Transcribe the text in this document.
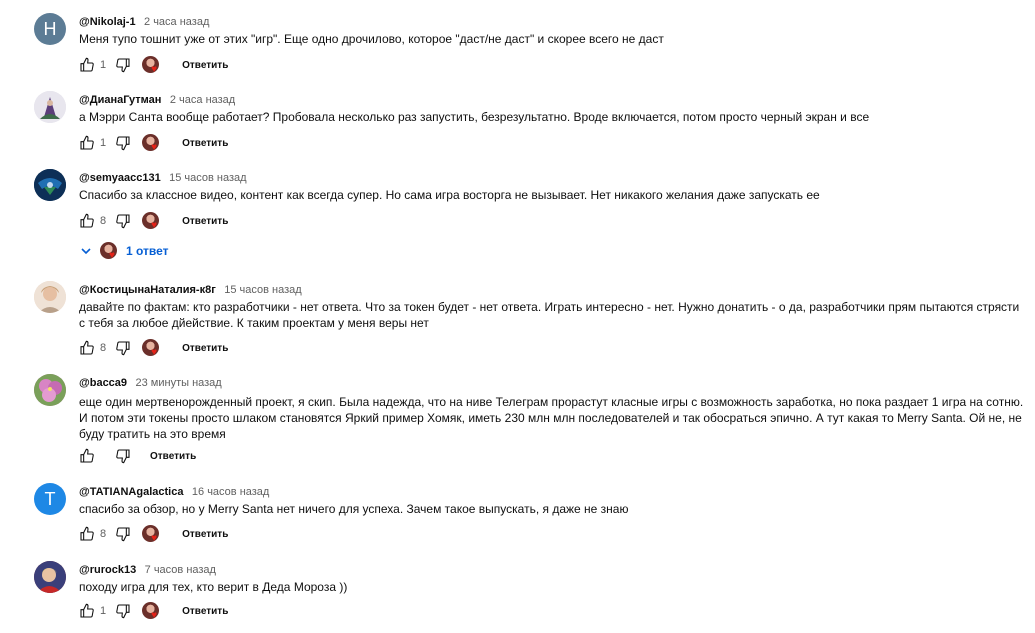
H @Nikolaj-1 2 часа назад
Меня тупо тошнит уже от этих "игр". Еще одно дрочилово, которое "даст/не даст" и скорее всего не даст
1	♥	Ответить
@ДианаГутман 2 часа назад
а Мэрри Санта вообще работает? Пробовала несколько раз запустить, безрезультатно. Вроде включается, потом просто черный экран и все
1	♥	Ответить
@semyaacc131 15 часов назад
Спасибо за классное видео, контент как всегда супер. Но сама игра восторга не вызывает. Нет никакого желания даже запускать ее
8	♥	Ответить
♥ 1 ответ
@КостицынаНаталия-к8г 15 часов назад
давайте по фактам: кто разработчики - нет ответа. Что за токен будет - нет ответа. Играть интересно - нет. Нужно донатить - о да, разработчики прям пытаются стрясти с тебя за любое дйействие. К таким проектам у меня веры нет
8	♥	Ответить
@bacca9 23 минуты назад
еще один мертвенорожденный проект, я скип. Была надежда, что на ниве Телеграм прорастут класные игры с возможность заработка, но пока раздает 1 игра на сотню. И потом эти токены просто шлаком становятся Яркий пример Хомяк, иметь 230 млн млн последователей и так обосраться эпично. А тут какая то Merry Santa. Ой не, не буду тратить на это время
Ответить
T @TATIANAgalactica 16 часов назад
спасибо за обзор, но у Merry Santa нет ничего для успеха. Зачем такое выпускать, я даже не знаю
8	♥	Ответить
@rurock13 7 часов назад
походу игра для тех, кто верит в Деда Мороза ))
1	♥	Ответить
